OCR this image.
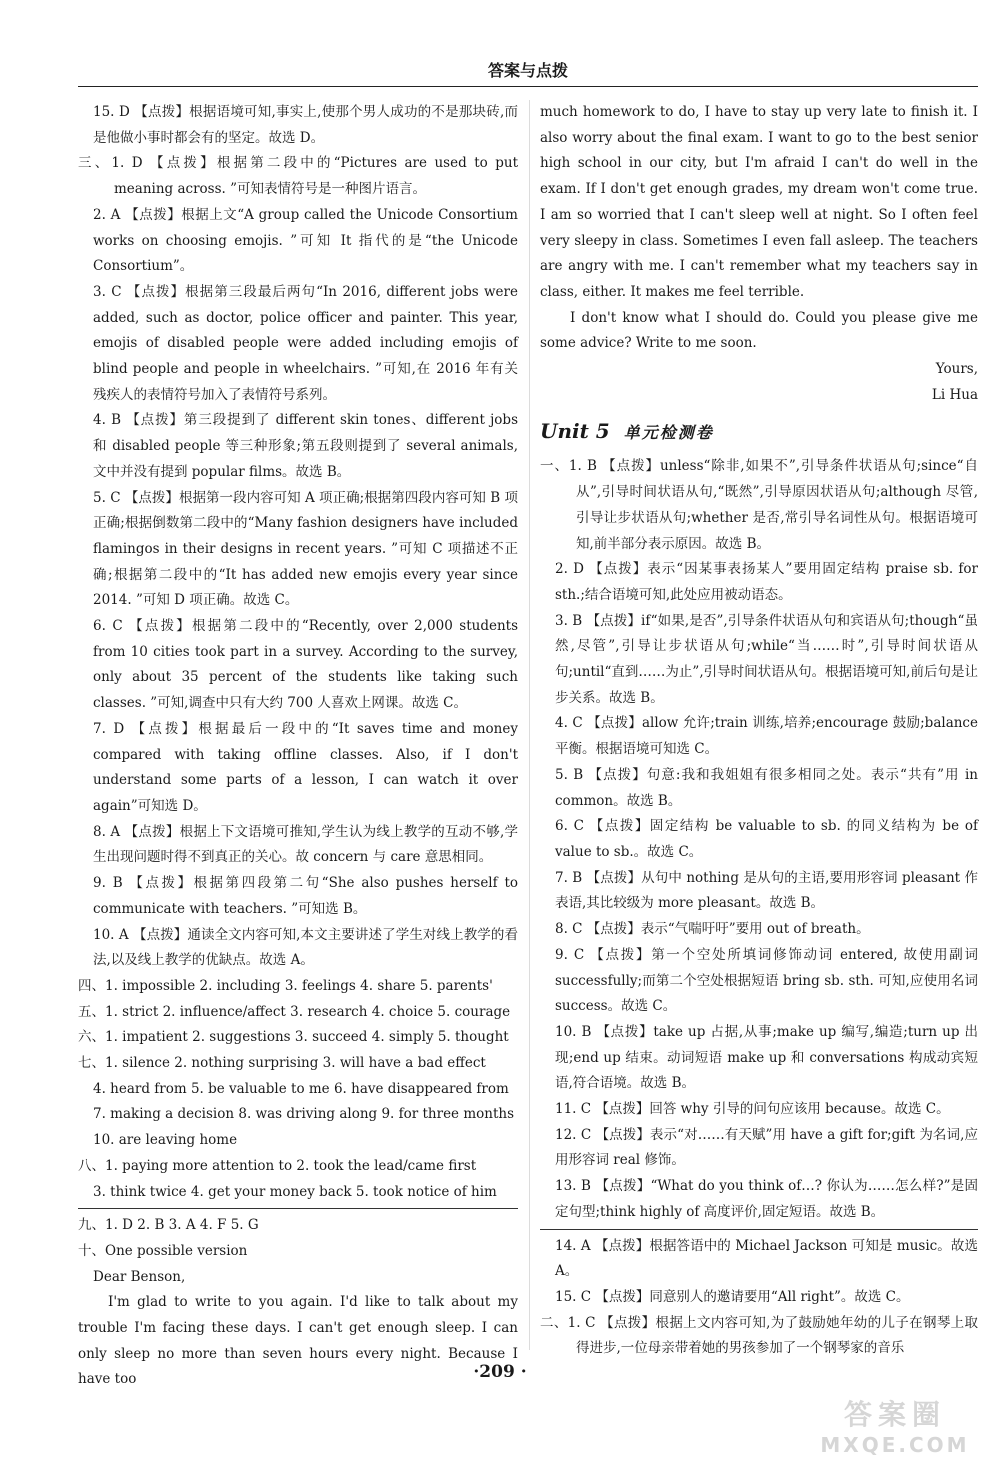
答案与点拨
15. D 【点拨】根据语境可知,事实上,使那个男人成功的不是那块砖,而是他做小事时都会有的坚定。故选 D。
三、1. D 【点拨】根据第二段中的“Pictures are used to put meaning across. ”可知表情符号是一种图片语言。
2. A 【点拨】根据上文“A group called the Unicode Consortium works on choosing emojis. ”可知 It 指代的是“the Unicode Consortium”。
3. C 【点拨】根据第三段最后两句“In 2016, different jobs were added, such as doctor, police officer and painter. This year, emojis of disabled people were added including emojis of blind people and people in wheelchairs. ”可知,在 2016 年有关残疾人的表情符号加入了表情符号系列。
4. B 【点拨】第三段提到了 different skin tones、different jobs 和 disabled people 等三种形象;第五段则提到了 several animals, 文中并没有提到 popular films。故选 B。
5. C 【点拨】根据第一段内容可知 A 项正确;根据第四段内容可知 B 项正确;根据倒数第二段中的“Many fashion designers have included flamingos in their designs in recent years. ”可知 C 项描述不正确;根据第二段中的“It has added new emojis every year since 2014. ”可知 D 项正确。故选 C。
6. C 【点拨】根据第二段中的“Recently, over 2,000 students from 10 cities took part in a survey. According to the survey, only about 35 percent of the students like taking such classes. ”可知,调查中只有大约 700 人喜欢上网课。故选 C。
7. D 【点拨】根据最后一段中的“It saves time and money compared with taking offline classes. Also, if I don't understand some parts of a lesson, I can watch it over again”可知选 D。
8. A 【点拨】根据上下文语境可推知,学生认为线上教学的互动不够,学生出现问题时得不到真正的关心。故 concern 与 care 意思相同。
9. B 【点拨】根据第四段第二句“She also pushes herself to communicate with teachers. ”可知选 B。
10. A 【点拨】通读全文内容可知,本文主要讲述了学生对线上教学的看法,以及线上教学的优缺点。故选 A。
四、1. impossible 2. including 3. feelings 4. share 5. parents'
五、1. strict 2. influence/affect 3. research 4. choice 5. courage
六、1. impatient 2. suggestions 3. succeed 4. simply 5. thought
七、1. silence 2. nothing surprising 3. will have a bad effect
4. heard from 5. be valuable to me 6. have disappeared from
7. making a decision 8. was driving along 9. for three months
10. are leaving home
八、1. paying more attention to 2. took the lead/came first
3. think twice 4. get your money back 5. took notice of him
九、1. D 2. B 3. A 4. F 5. G
十、One possible version
Dear Benson,
I'm glad to write to you again. I'd like to talk about my trouble I'm facing these days. I can't get enough sleep. I can only sleep no more than seven hours every night. Because I have too
much homework to do, I have to stay up very late to finish it. I also worry about the final exam. I want to go to the best senior high school in our city, but I'm afraid I can't do well in the exam. If I don't get enough grades, my dream won't come true. I am so worried that I can't sleep well at night. So I often feel very sleepy in class. Sometimes I even fall asleep. The teachers are angry with me. I can't remember what my teachers say in class, either. It makes me feel terrible.
I don't know what I should do. Could you please give me some advice? Write to me soon.
Yours,
Li Hua
Unit 5 单元检测卷
一、1. B 【点拨】unless“除非,如果不”,引导条件状语从句;since“自从”,引导时间状语从句,“既然”,引导原因状语从句;although 尽管,引导让步状语从句;whether 是否,常引导名词性从句。根据语境可知,前半部分表示原因。故选 B。
2. D 【点拨】表示“因某事表扬某人”要用固定结构 praise sb. for sth.;结合语境可知,此处应用被动语态。
3. B 【点拨】if“如果,是否”,引导条件状语从句和宾语从句;though“虽然,尽管”,引导让步状语从句;while“当……时”,引导时间状语从句;until“直到……为止”,引导时间状语从句。根据语境可知,前后句是让步关系。故选 B。
4. C 【点拨】allow 允许;train 训练,培养;encourage 鼓励;balance 平衡。根据语境可知选 C。
5. B 【点拨】句意:我和我姐姐有很多相同之处。表示“共有”用 in common。故选 B。
6. C 【点拨】固定结构 be valuable to sb. 的同义结构为 be of value to sb.。故选 C。
7. B 【点拨】从句中 nothing 是从句的主语,要用形容词 pleasant 作表语,其比较级为 more pleasant。故选 B。
8. C 【点拨】表示“气喘吁吁”要用 out of breath。
9. C 【点拨】第一个空处所填词修饰动词 entered, 故使用副词 successfully;而第二个空处根据短语 bring sb. sth. 可知,应使用名词 success。故选 C。
10. B 【点拨】take up 占据,从事;make up 编写,编造;turn up 出现;end up 结束。动词短语 make up 和 conversations 构成动宾短语,符合语境。故选 B。
11. C 【点拨】回答 why 引导的问句应该用 because。故选 C。
12. C 【点拨】表示“对……有天赋”用 have a gift for;gift 为名词,应用形容词 real 修饰。
13. B 【点拨】“What do you think of…? 你认为……怎么样?”是固定句型;think highly of 高度评价,固定短语。故选 B。
14. A 【点拨】根据答语中的 Michael Jackson 可知是 music。故选 A。
15. C 【点拨】同意别人的邀请要用“All right”。故选 C。
二、1. C 【点拨】根据上文内容可知,为了鼓励她年幼的儿子在钢琴上取得进步,一位母亲带着她的男孩参加了一个钢琴家的音乐
·209 ·
答案圈
MXQE.COM
